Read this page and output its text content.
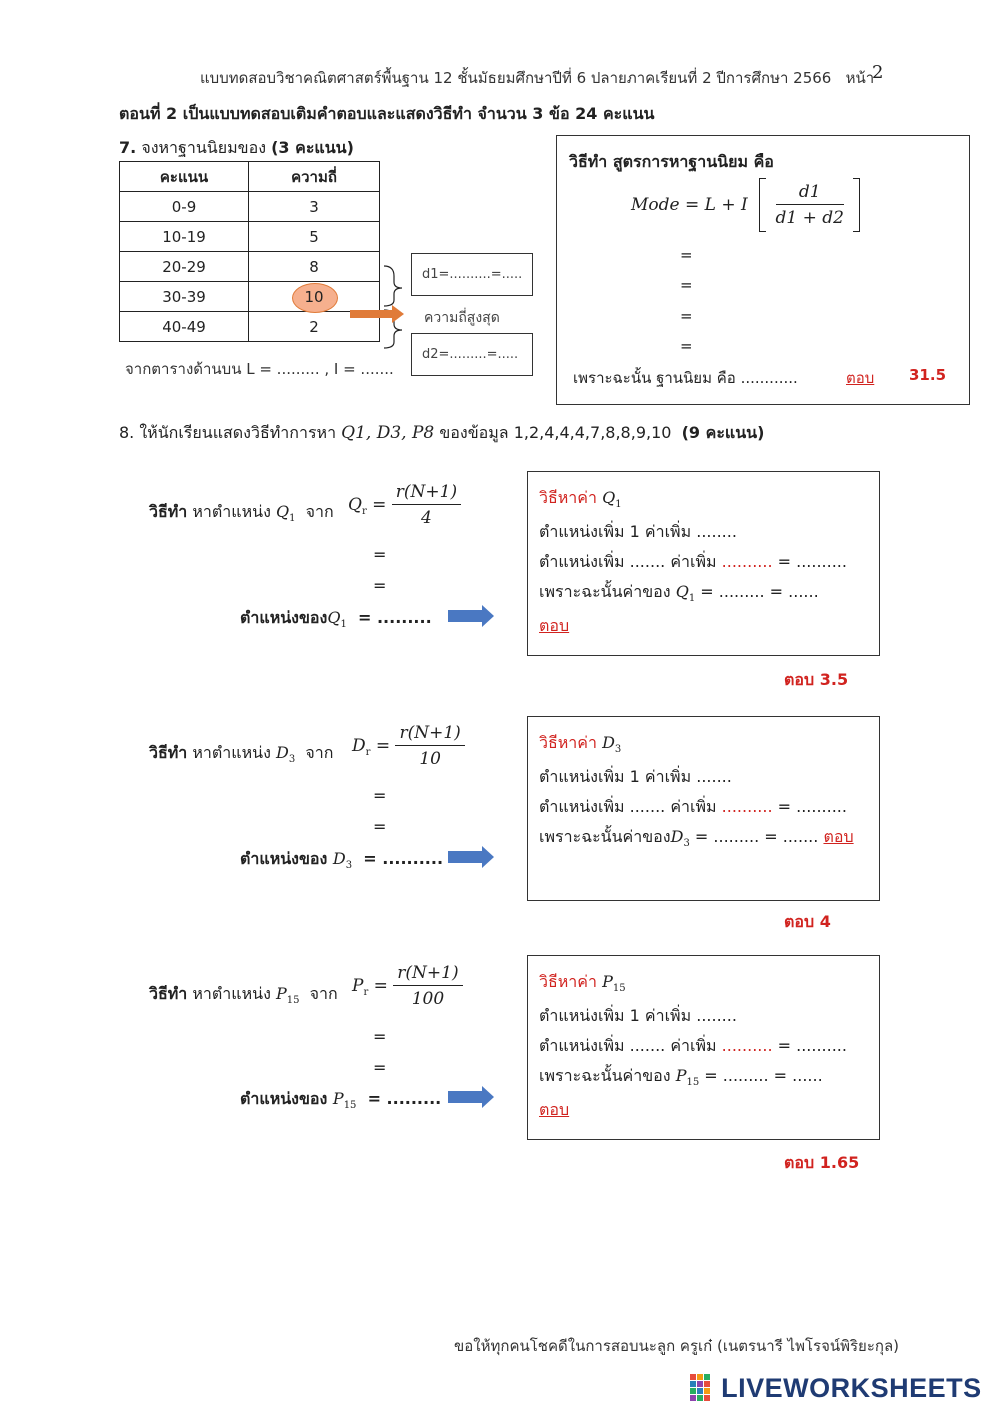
แบบทดสอบวิชาคณิตศาสตร์พื้นฐาน 12 ชั้นมัธยมศึกษาปีที่ 6 ปลายภาคเรียนที่ 2 ปีการศึกษา 2566 หน้า
2
ตอนที่ 2 เป็นแบบทดสอบเติมคำตอบและแสดงวิธีทำ จำนวน 3 ข้อ 24 คะแนน
7. จงหาฐานนิยมของ (3 คะแนน)
คะแนน	ความถี่
0-9	3
10-19	5
20-29	8
30-39	10
40-49	2
d1=..........=.....
d2=.........=.....
ความถี่สูงสุด
จากตารางด้านบน L = ......... , I = .......
วิธีทำ สูตรการหาฐานนิยม คือ
Mode = L + I $\frac{d1}{d1 + d2}$

=
=
=
=
เพราะฉะนั้น ฐานนิยม คือ ............	ตอบ 31.5
8. ให้นักเรียนแสดงวิธีทำการหา Q1, D3, P8 ของข้อมูล 1,2,4,4,4,7,8,8,9,10 (9 คะแนน)
วิธีทำ หาตำแหน่ง $Q_1$ จาก $Q_r = \frac{r(N+1)}{4}$
=
=
ตำแหน่งของ$Q_1$ = .........
วิธีหาค่า $Q_1$
ตำแหน่งเพิ่ม 1 ค่าเพิ่ม ........
ตำแหน่งเพิ่ม ....... ค่าเพิ่ม .......... = ..........
เพราะฉะนั้นค่าของ $Q_1$ = ......... = ......
ตอบ
ตอบ 3.5
วิธีทำ หาตำแหน่ง $D_3$ จาก $D_r = \frac{r(N+1)}{10}$
=
=
ตำแหน่งของ $D_3$ = ..........
วิธีหาค่า $D_3$
ตำแหน่งเพิ่ม 1 ค่าเพิ่ม .......
ตำแหน่งเพิ่ม ....... ค่าเพิ่ม .......... = ..........
เพราะฉะนั้นค่าของ$D_3$ = ......... = ....... ตอบ
ตอบ 4
วิธีทำ หาตำแหน่ง $P_{15}$ จาก $P_r = \frac{r(N+1)}{100}$
=
=
ตำแหน่งของ $P_{15}$ = .........
วิธีหาค่า $P_{15}$
ตำแหน่งเพิ่ม 1 ค่าเพิ่ม ........
ตำแหน่งเพิ่ม ....... ค่าเพิ่ม .......... = ..........
เพราะฉะนั้นค่าของ $P_{15}$ = ......... = ......
ตอบ
ตอบ 1.65
ขอให้ทุกคนโชคดีในการสอบนะลูก ครูเก๋ (เนตรนารี ไพโรจน์พิริยะกุล)
LIVEWORKSHEETS
